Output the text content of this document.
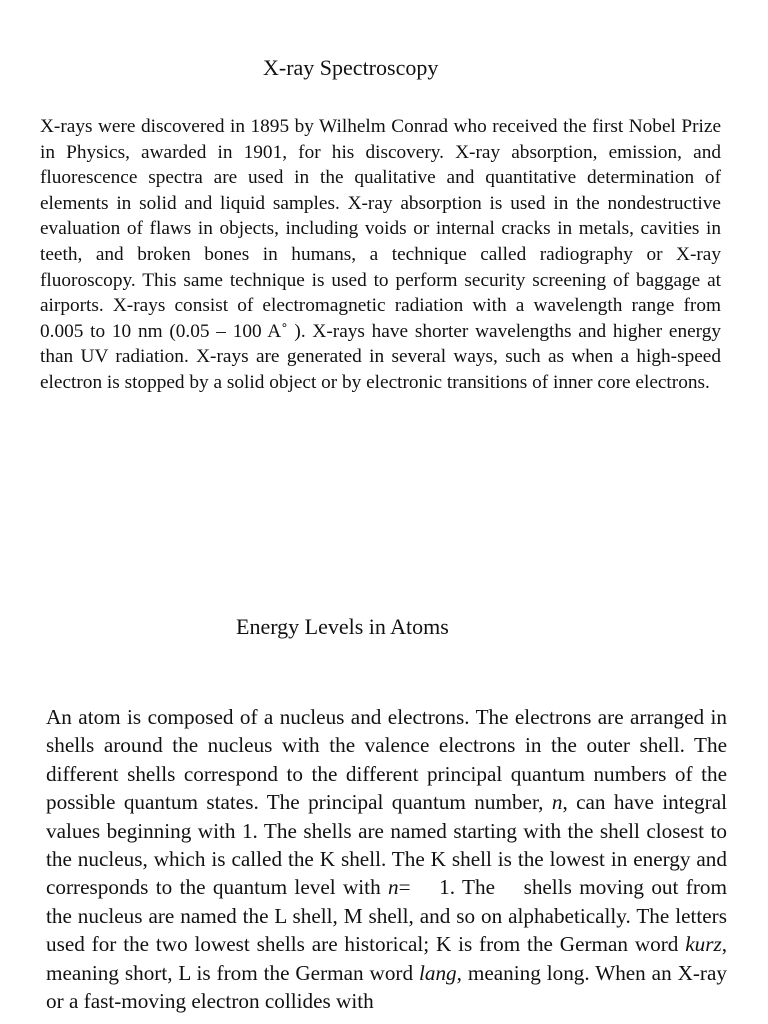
X-ray Spectroscopy

X-rays were discovered in 1895 by Wilhelm Conrad who received the first Nobel Prize in Physics, awarded in 1901, for his discovery. X-ray absorption, emission, and fluorescence spectra are used in the qualitative and quantitative determination of elements in solid and liquid samples. X-ray absorption is used in the nondestructive evaluation of flaws in objects, including voids or internal cracks in metals, cavities in teeth, and broken bones in humans, a technique called radiography or X-ray fluoroscopy. This same technique is used to perform security screening of baggage at airports. X-rays consist of electromagnetic radiation with a wavelength range from 0.005 to 10 nm (0.05 – 100 A˚ ). X-rays have shorter wavelengths and higher energy than UV radiation. X-rays are generated in several ways, such as when a high-speed electron is stopped by a solid object or by electronic transitions of inner core electrons.

Energy Levels in Atoms

An atom is composed of a nucleus and electrons. The electrons are arranged in shells around the nucleus with the valence electrons in the outer shell. The different shells correspond to the different principal quantum numbers of the possible quantum states. The principal quantum number, n, can have integral values beginning with 1. The shells are named starting with the shell closest to the nucleus, which is called the K shell. The K shell is the lowest in energy and corresponds to the quantum level with n=  1. The  shells moving out from the nucleus are named the L shell, M shell, and so on alphabetically. The letters used for the two lowest shells are historical; K is from the German word kurz, meaning short, L is from the German word lang, meaning long. When an X-ray or a fast-moving electron collides with
